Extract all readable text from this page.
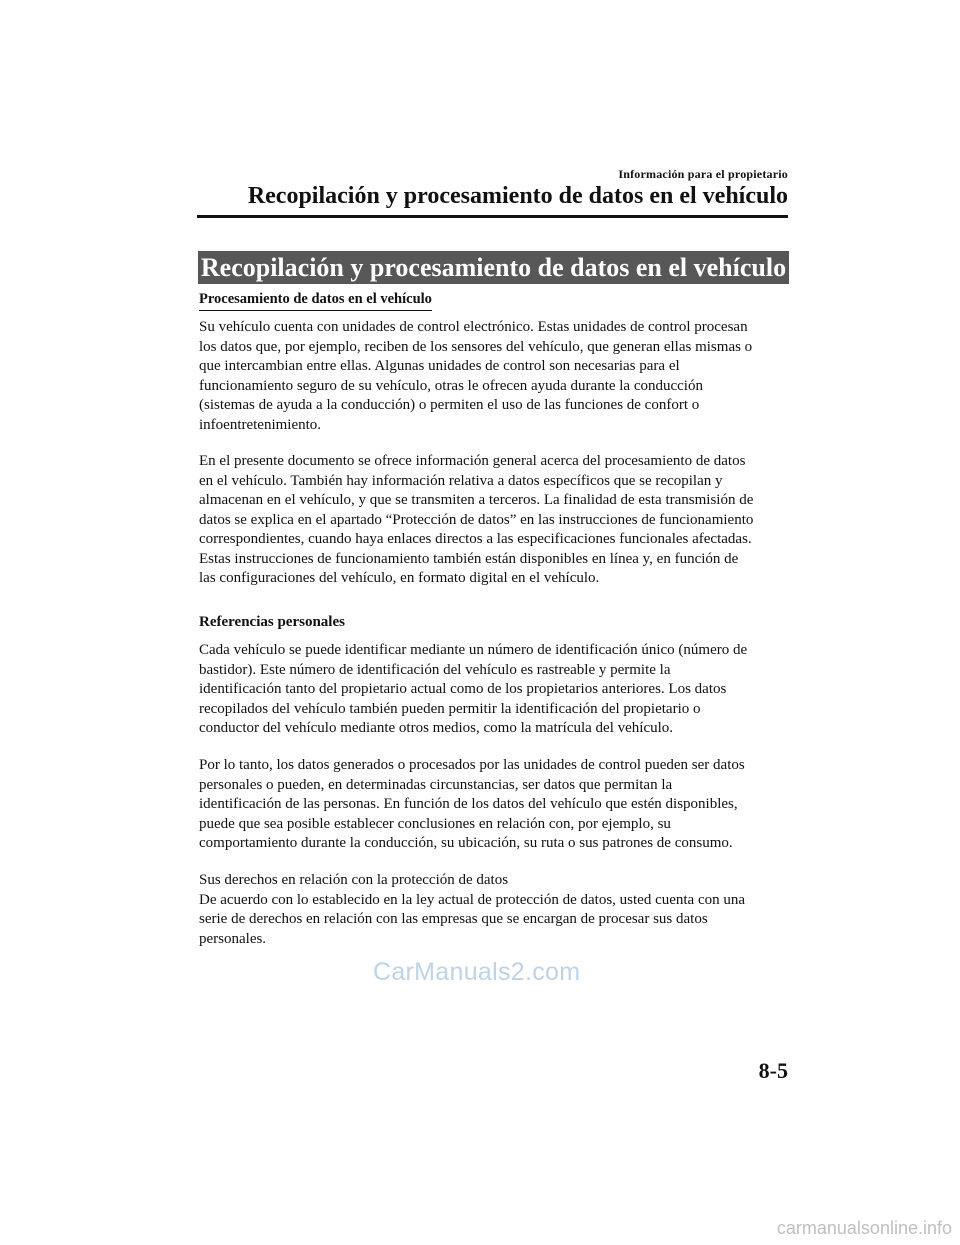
Información para el propietario
Recopilación y procesamiento de datos en el vehículo
Recopilación y procesamiento de datos en el vehículo
Procesamiento de datos en el vehículo

Su vehículo cuenta con unidades de control electrónico. Estas unidades de control procesan
los datos que, por ejemplo, reciben de los sensores del vehículo, que generan ellas mismas o
que intercambian entre ellas. Algunas unidades de control son necesarias para el
funcionamiento seguro de su vehículo, otras le ofrecen ayuda durante la conducción
(sistemas de ayuda a la conducción) o permiten el uso de las funciones de confort o
infoentretenimiento.

En el presente documento se ofrece información general acerca del procesamiento de datos
en el vehículo. También hay información relativa a datos específicos que se recopilan y
almacenan en el vehículo, y que se transmiten a terceros. La finalidad de esta transmisión de
datos se explica en el apartado “Protección de datos” en las instrucciones de funcionamiento
correspondientes, cuando haya enlaces directos a las especificaciones funcionales afectadas.
Estas instrucciones de funcionamiento también están disponibles en línea y, en función de
las configuraciones del vehículo, en formato digital en el vehículo.

Referencias personales

Cada vehículo se puede identificar mediante un número de identificación único (número de
bastidor). Este número de identificación del vehículo es rastreable y permite la
identificación tanto del propietario actual como de los propietarios anteriores. Los datos
recopilados del vehículo también pueden permitir la identificación del propietario o
conductor del vehículo mediante otros medios, como la matrícula del vehículo.

Por lo tanto, los datos generados o procesados por las unidades de control pueden ser datos
personales o pueden, en determinadas circunstancias, ser datos que permitan la
identificación de las personas. En función de los datos del vehículo que estén disponibles,
puede que sea posible establecer conclusiones en relación con, por ejemplo, su
comportamiento durante la conducción, su ubicación, su ruta o sus patrones de consumo.

Sus derechos en relación con la protección de datos
De acuerdo con lo establecido en la ley actual de protección de datos, usted cuenta con una
serie de derechos en relación con las empresas que se encargan de procesar sus datos
personales.

CarManuals2.com
8-5
carmanualsonline.info
